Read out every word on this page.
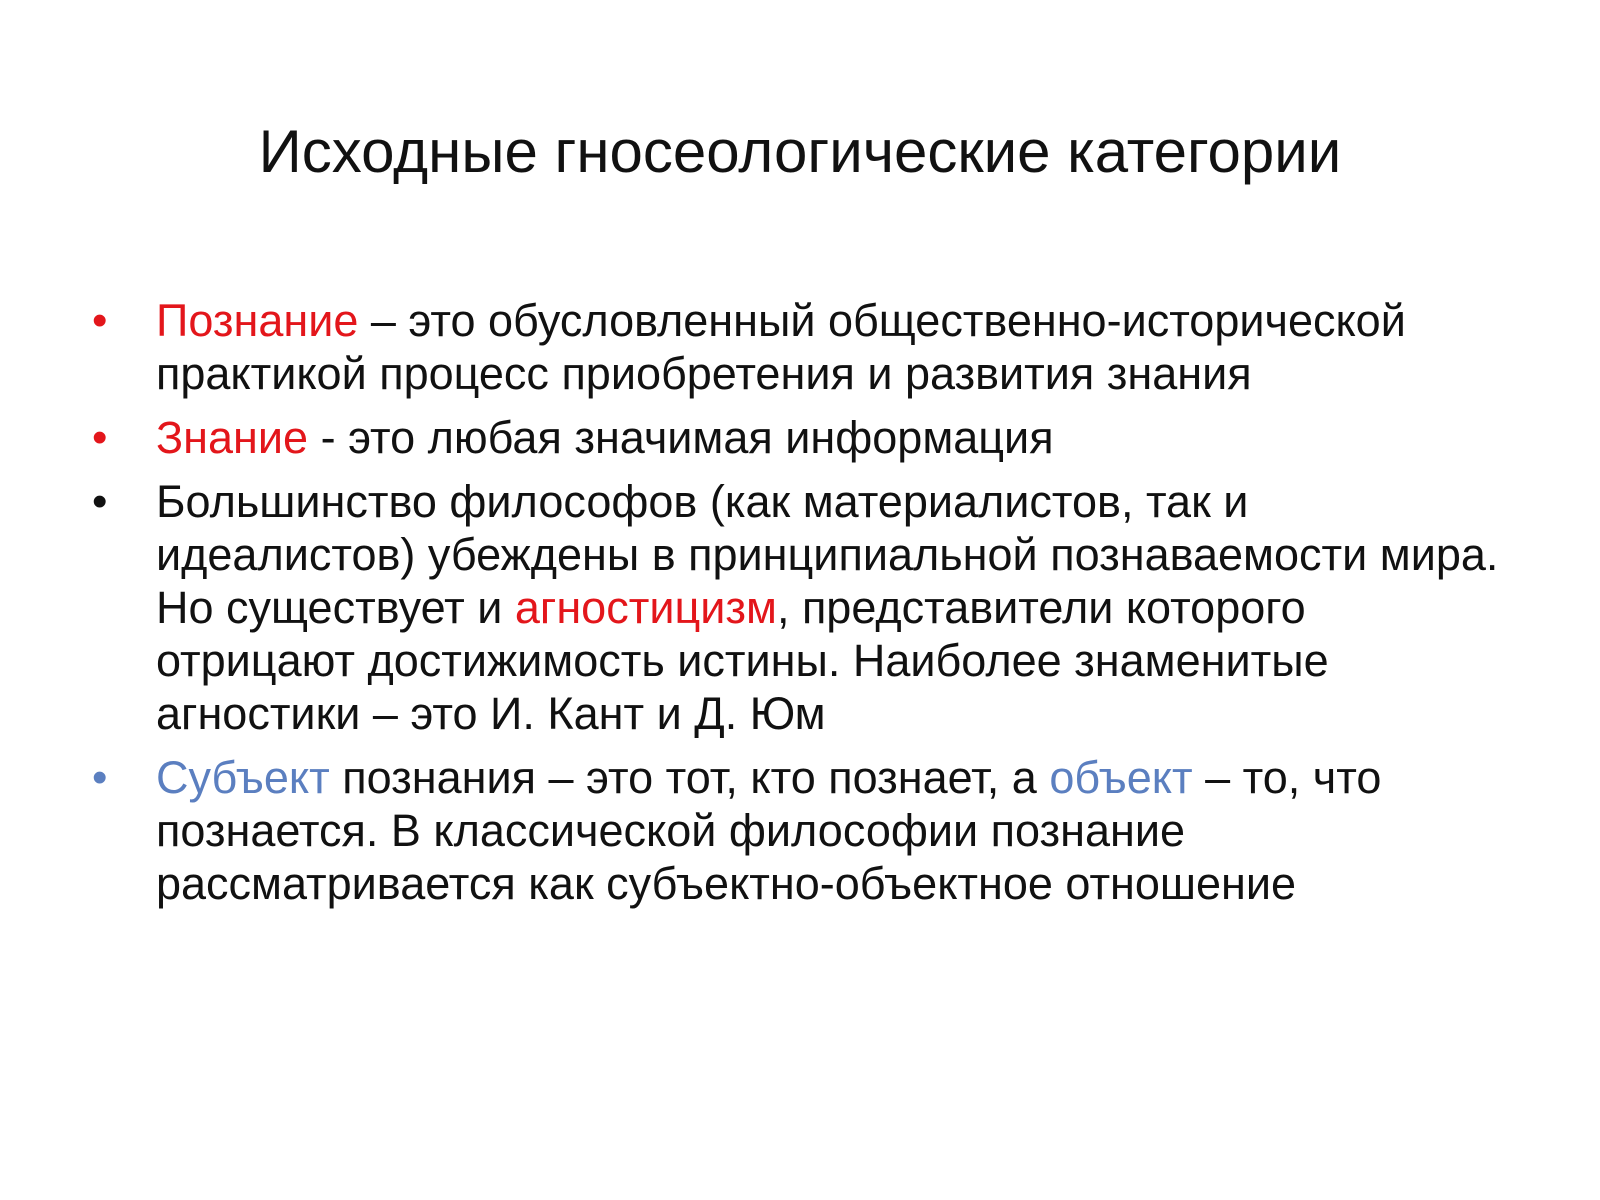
Исходные гносеологические категории
• Познание – это обусловленный общественно-исторической практикой процесс приобретения и развития знания
• Знание - это любая значимая информация
• Большинство философов (как материалистов, так и идеалистов) убеждены в принципиальной познаваемости мира. Но существует и агностицизм, представители которого отрицают достижимость истины. Наиболее знаменитые агностики – это И. Кант и Д. Юм
• Субъект познания – это тот, кто познает, а объект – то, что познается. В классической философии познание рассматривается как субъектно-объектное отношение
